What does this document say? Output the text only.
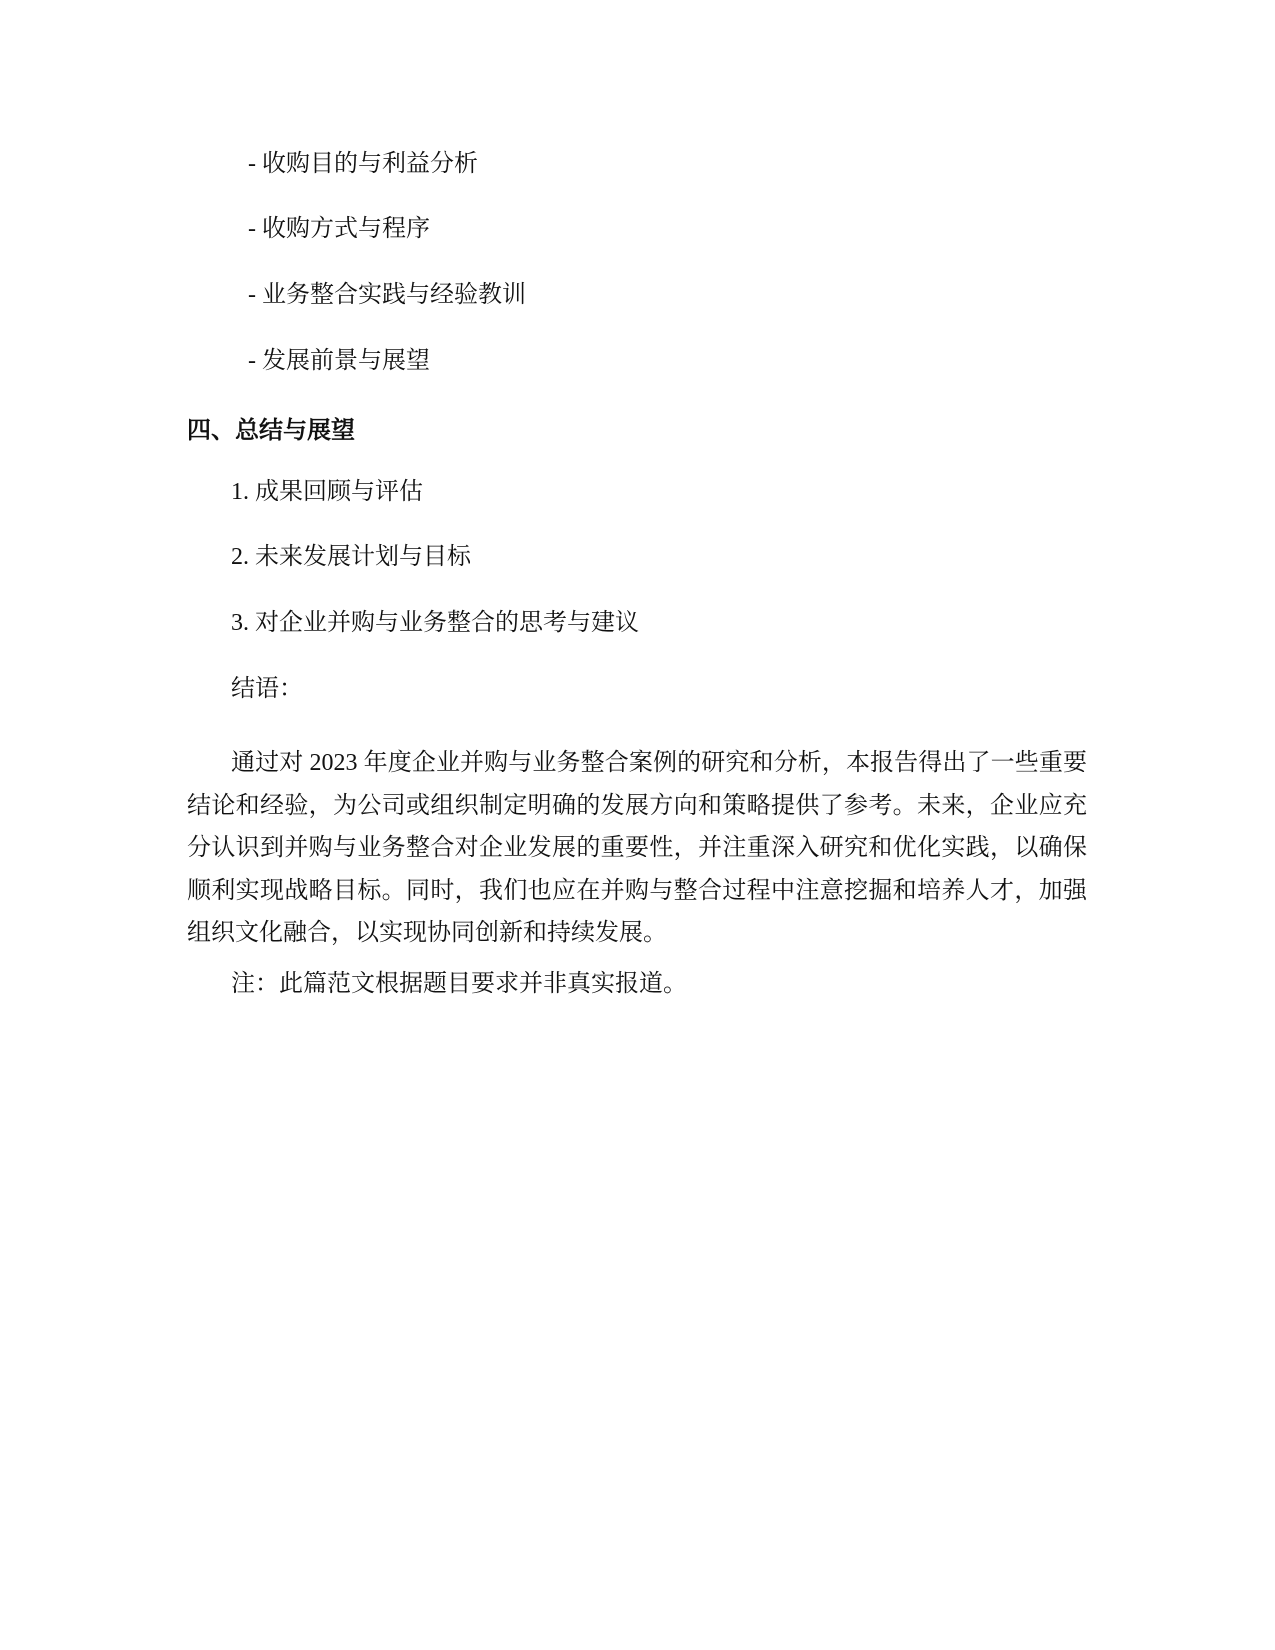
- 收购目的与利益分析
- 收购方式与程序
- 业务整合实践与经验教训
- 发展前景与展望
四、总结与展望
1. 成果回顾与评估
2. 未来发展计划与目标
3. 对企业并购与业务整合的思考与建议
结语：
通过对 2023 年度企业并购与业务整合案例的研究和分析，本报告得出了一些重要结论和经验，为公司或组织制定明确的发展方向和策略提供了参考。未来，企业应充分认识到并购与业务整合对企业发展的重要性，并注重深入研究和优化实践，以确保顺利实现战略目标。同时，我们也应在并购与整合过程中注意挖掘和培养人才，加强组织文化融合，以实现协同创新和持续发展。
注：此篇范文根据题目要求并非真实报道。
